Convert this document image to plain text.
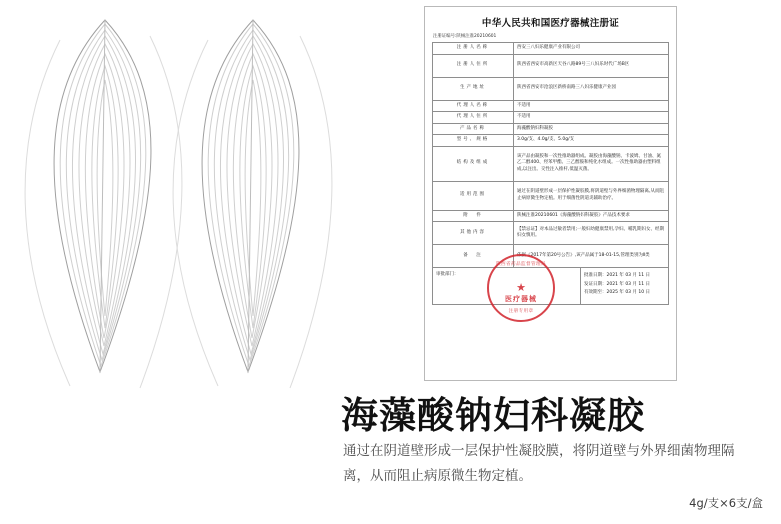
中华人民共和国医疗器械注册证
注册证编号:陕械注准20210601
注册人名称	西安三八妇乐健康产业有限公司
注册人住所	陕西省西安市高新区天谷八路89号三八妇乐时代广场B区
生产地址	陕西省西安市沧浪区新桥南路三八妇乐健康产业园
代理人名称	不适用
代理人住所	不适用
产品名称	海藻酸钠妇科凝胶
型号、规格	3.0g/支、4.0g/支、5.0g/支
结构及组成	该产品由凝胶和一次性推助器组成。凝胶由海藻酸钠、卡波姆、甘油、氮乙二醇400、羟苯甲酯、三乙醇胺和纯化水组成。一次性推助器由塑料组成,以注出。交性注入推杆,低温灭菌。
适用范围	通过在阴道壁形成一层保护性凝胶膜,将阴道壁与外界细菌物理隔离,从而阻止病原微生物定植。用于细菌性阴道炎辅助治疗。
附　件	陕械注准20210601《海藻酸钠妇科凝胶》产品技术要求
其他内容	【禁忌证】对本品过敏者禁用;一般妇幼健康禁用,孕妇、哺乳期妇女、经期妇女慎用。
备　注	依据《2017年第20号公告》,该产品属于18-01-15,管理类别为Ⅱ类
审批部门：
陕西省药品监督管理局
★
医疗器械
注册专用章
批准日期：2021 年 03 月 11 日
发证日期：2021 年 03 月 11 日
有效期至：2025 年 03 月 10 日
海藻酸钠妇科凝胶
通过在阴道壁形成一层保护性凝胶膜，将阴道壁与外界细菌物理隔离，从而阻止病原微生物定植。
4g/支×6支/盒
